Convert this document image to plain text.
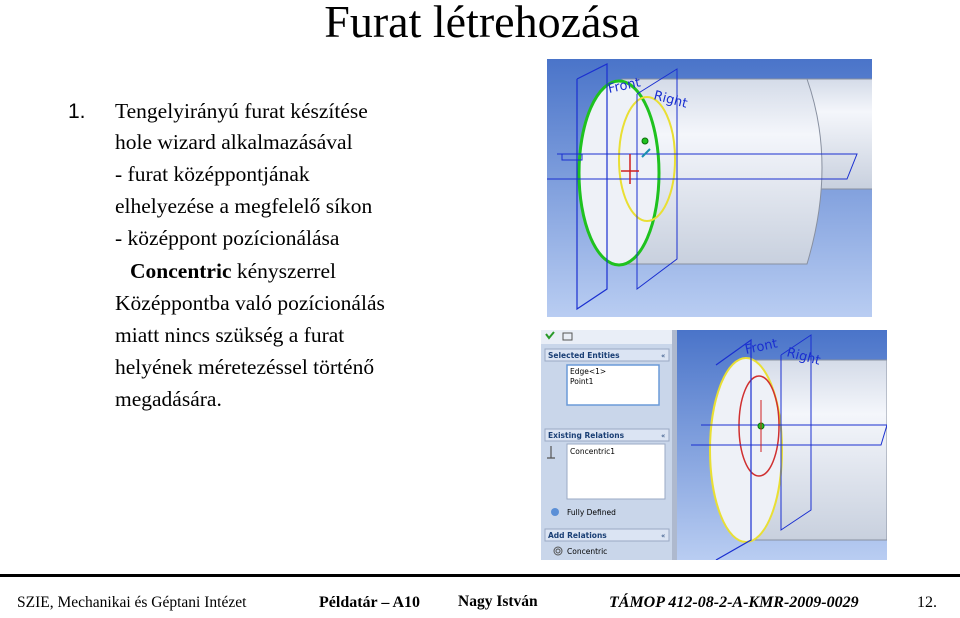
Furat létrehozása
1. Tengelyirányú furat készítése
hole wizard alkalmazásával
- furat középpontjának
elhelyezése a megfelelő síkon
- középpont pozícionálása
Concentric kényszerrel
Középpontba való pozícionálás
miatt nincs szükség a furat
helyének méretezéssel történő
megadására.
Front
Right
Front Right
Selected Entities	«
Edge<1>
Point1
Existing Relations	«
Concentric1
Fully Defined
Add Relations	«
Concentric
SZIE, Mechanikai és Géptani Intézet	Példatár – A10 Nagy István	TÁMOP 412-08-2-A-KMR-2009-0029	12.
